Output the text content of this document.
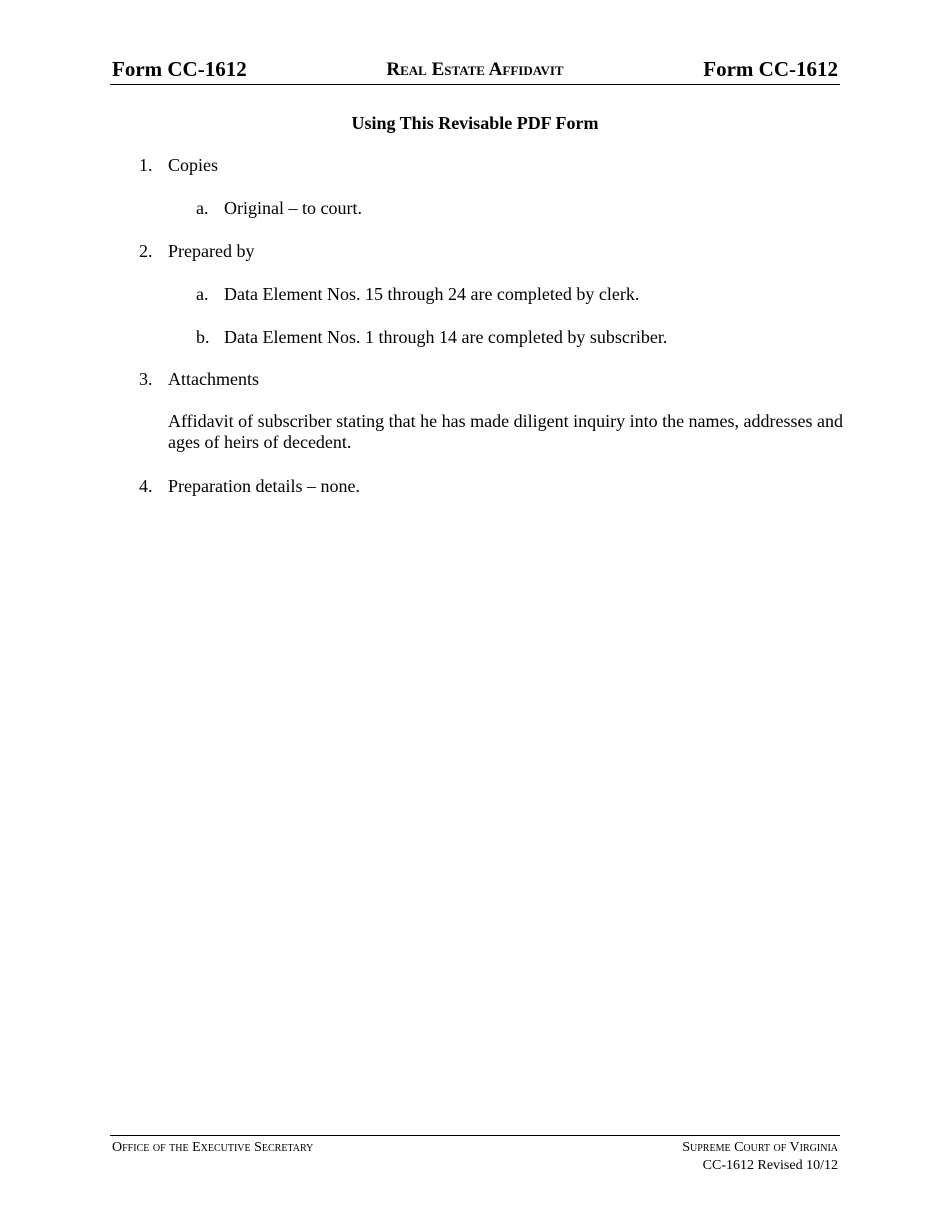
Form CC-1612	Real Estate Affidavit	Form CC-1612
Using This Revisable PDF Form
1. Copies
a. Original – to court.
2. Prepared by
a. Data Element Nos. 15 through 24 are completed by clerk.
b. Data Element Nos. 1 through 14 are completed by subscriber.
3. Attachments
Affidavit of subscriber stating that he has made diligent inquiry into the names, addresses and ages of heirs of decedent.
4. Preparation details – none.
Office of the Executive Secretary	Supreme Court of Virginia
CC-1612 Revised 10/12
